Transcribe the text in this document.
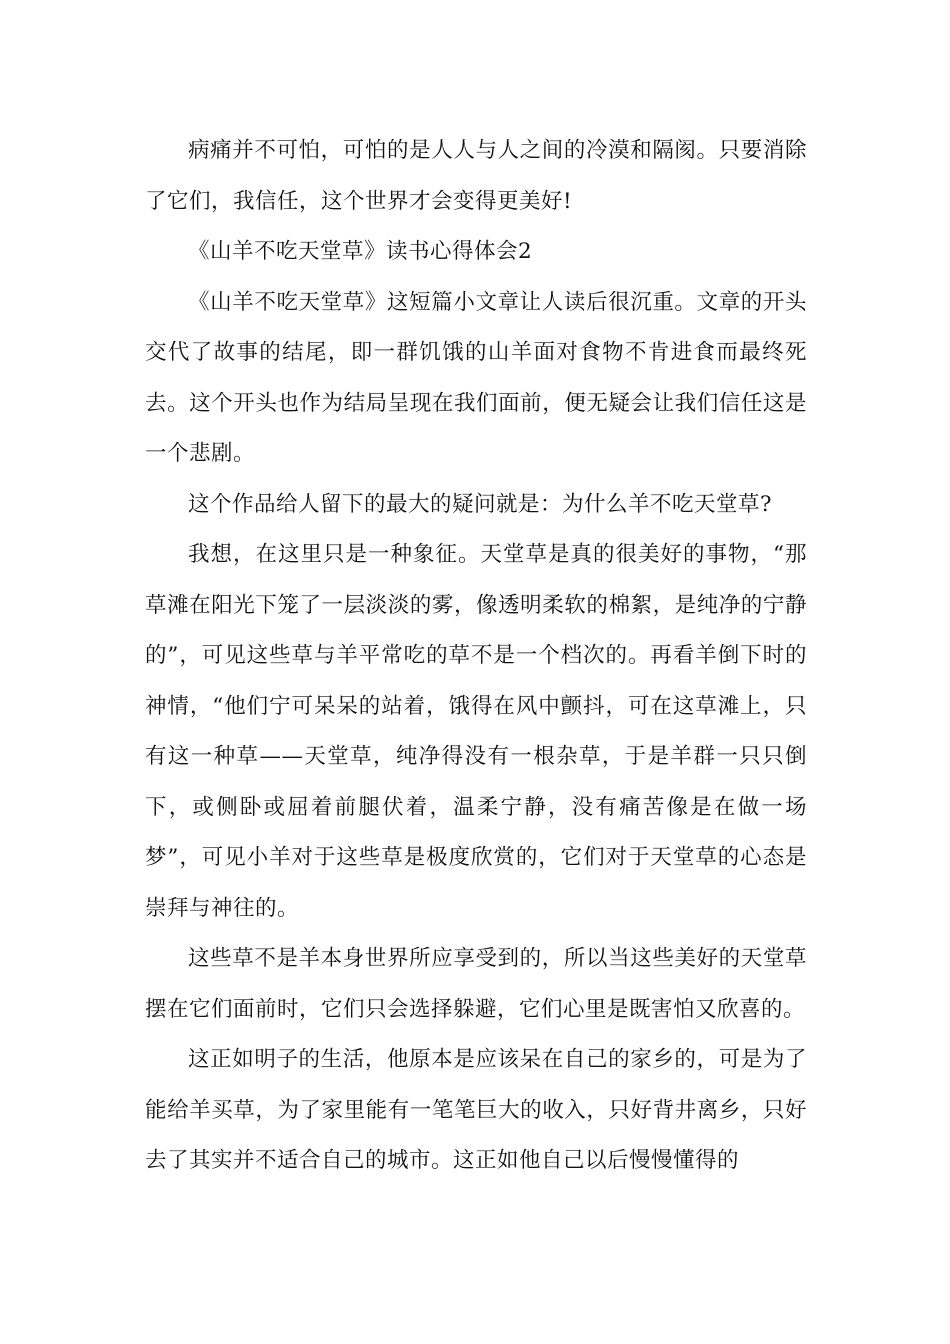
病痛并不可怕，可怕的是人人与人之间的冷漠和隔阂。只要消除了它们，我信任，这个世界才会变得更美好!

《山羊不吃天堂草》读书心得体会2

《山羊不吃天堂草》这短篇小文章让人读后很沉重。文章的开头交代了故事的结尾，即一群饥饿的山羊面对食物不肯进食而最终死去。这个开头也作为结局呈现在我们面前，便无疑会让我们信任这是一个悲剧。

这个作品给人留下的最大的疑问就是：为什么羊不吃天堂草?

我想，在这里只是一种象征。天堂草是真的很美好的事物，“那草滩在阳光下笼了一层淡淡的雾，像透明柔软的棉絮，是纯净的宁静的”，可见这些草与羊平常吃的草不是一个档次的。再看羊倒下时的神情，“他们宁可呆呆的站着，饿得在风中颤抖，可在这草滩上，只有这一种草——天堂草，纯净得没有一根杂草，于是羊群一只只倒下，或侧卧或屈着前腿伏着，温柔宁静，没有痛苦像是在做一场梦”，可见小羊对于这些草是极度欣赏的，它们对于天堂草的心态是崇拜与神往的。

这些草不是羊本身世界所应享受到的，所以当这些美好的天堂草摆在它们面前时，它们只会选择躲避，它们心里是既害怕又欣喜的。

这正如明子的生活，他原本是应该呆在自己的家乡的，可是为了能给羊买草，为了家里能有一笔笔巨大的收入，只好背井离乡，只好去了其实并不适合自己的城市。这正如他自己以后慢慢懂得的
